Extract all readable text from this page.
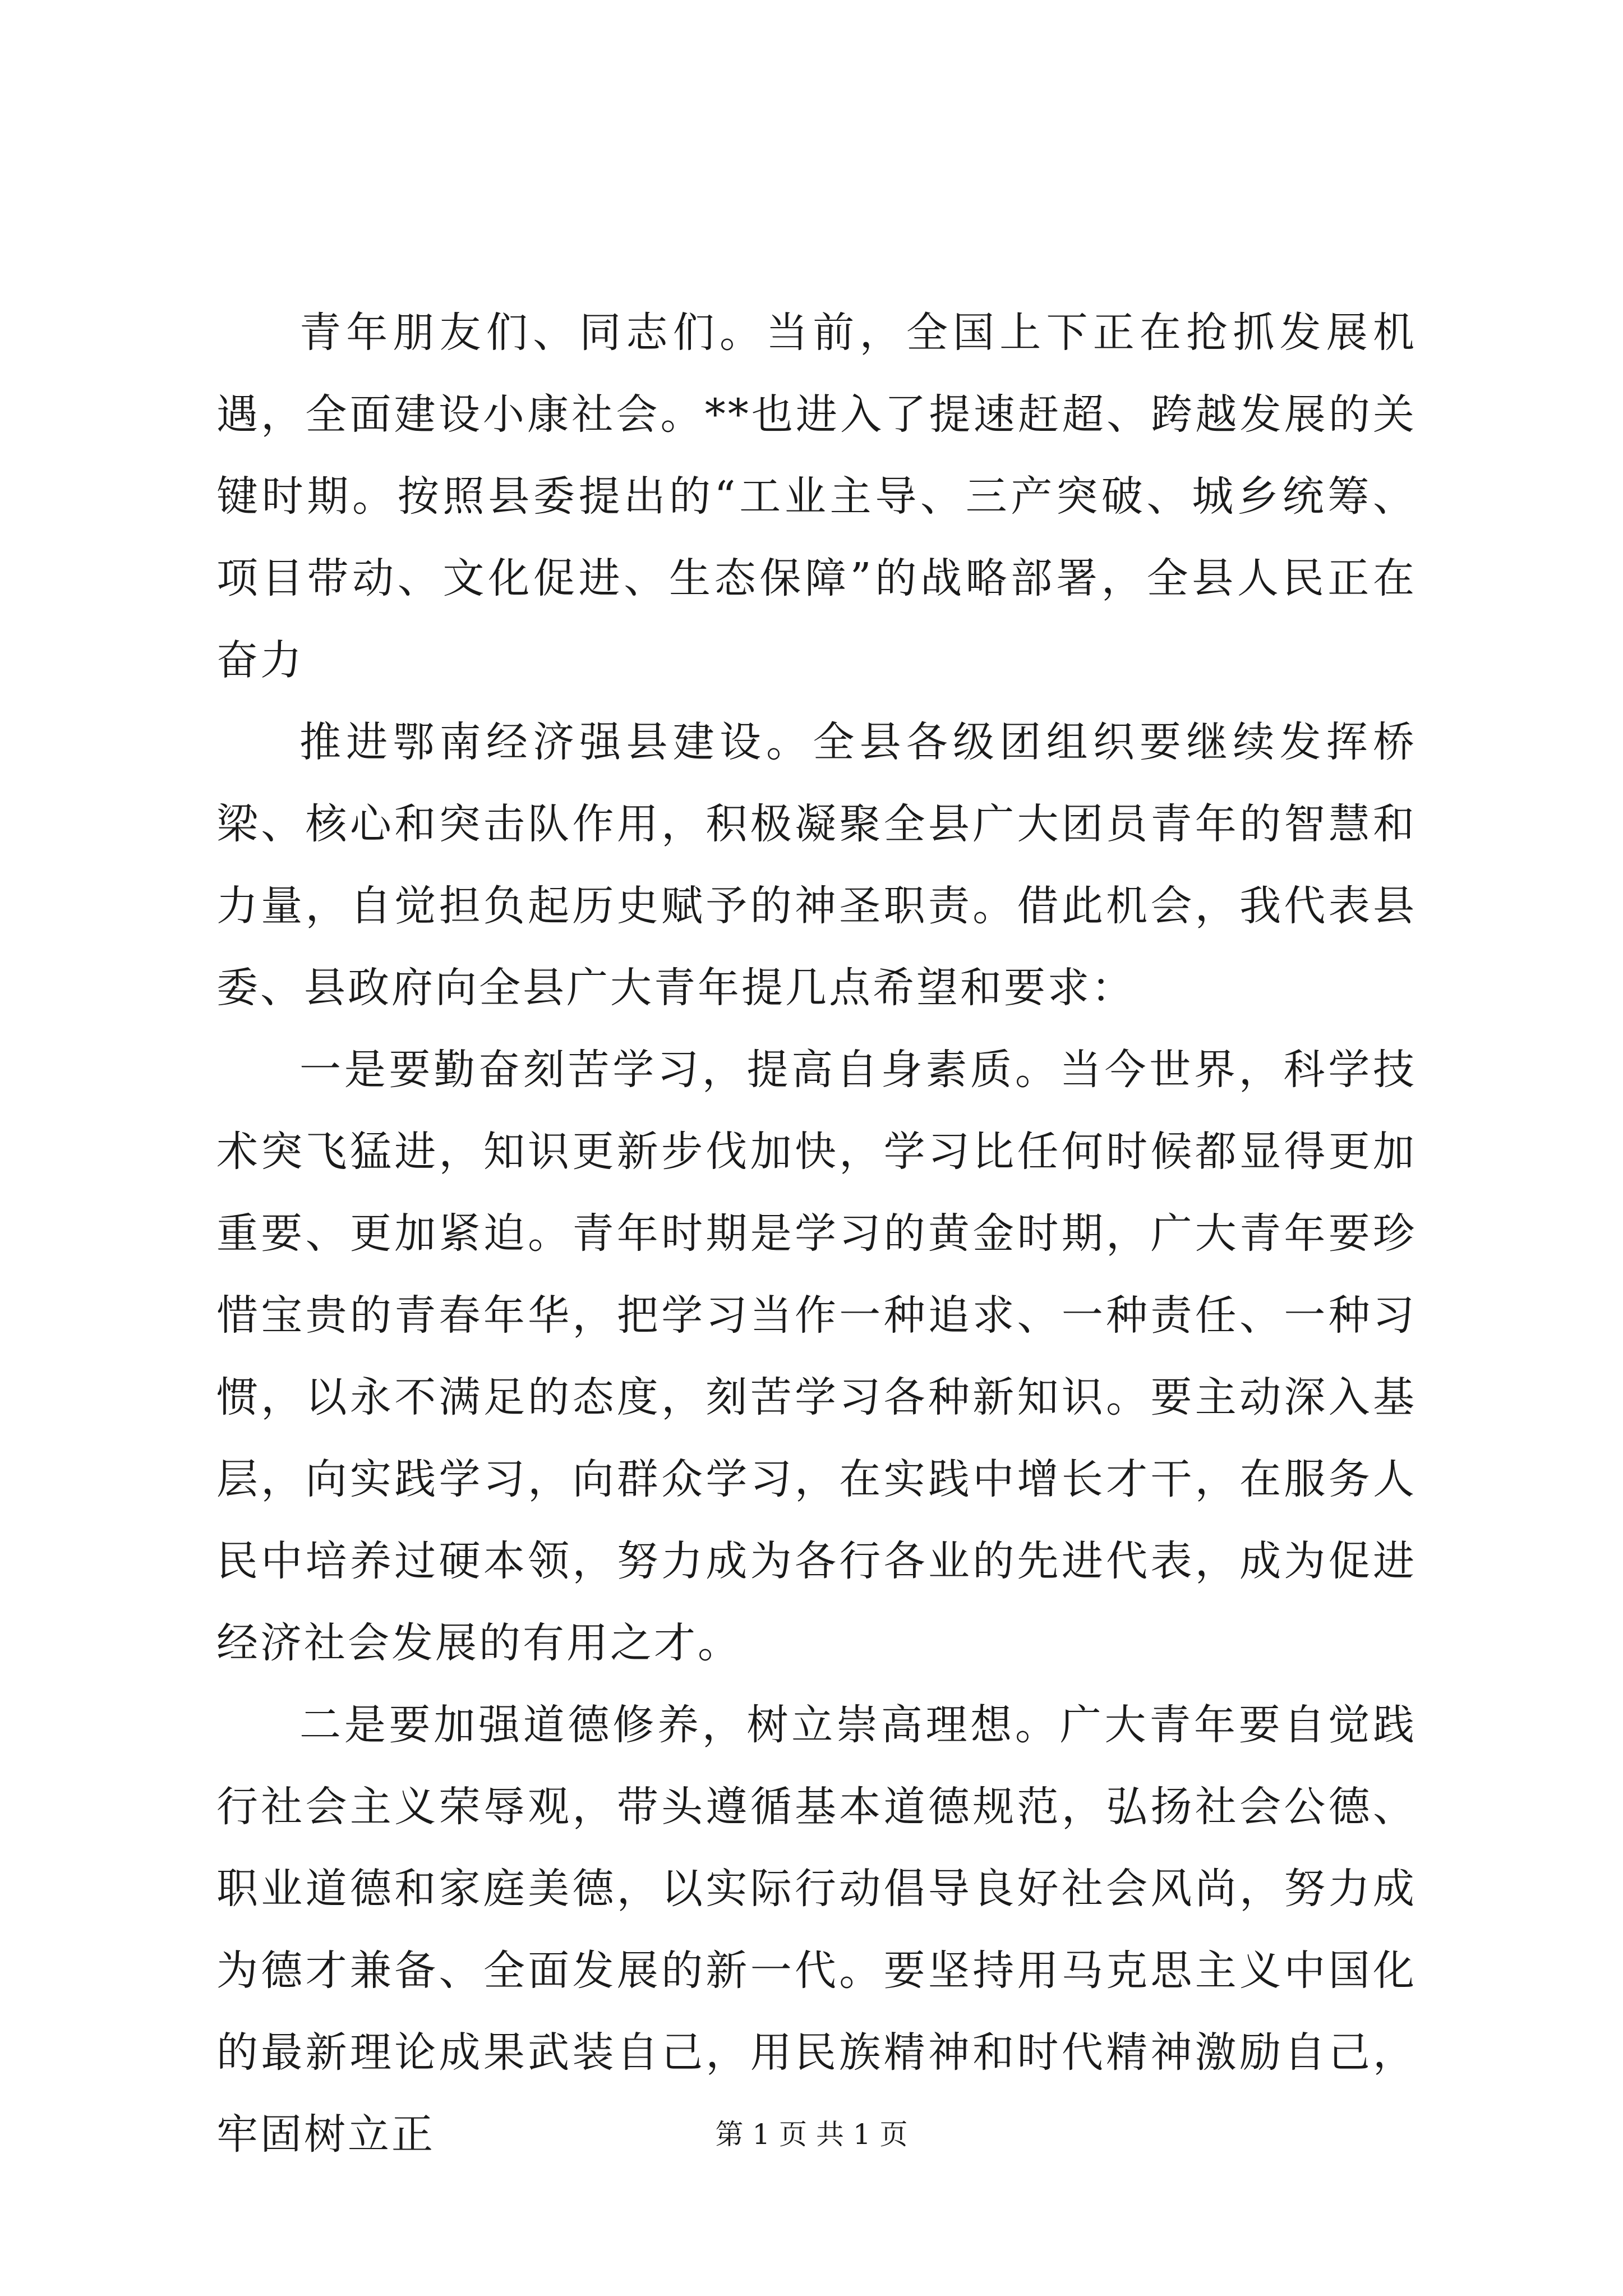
青年朋友们、同志们。当前，全国上下正在抢抓发展机遇，全面建设小康社会。**也进入了提速赶超、跨越发展的关键时期。按照县委提出的“工业主导、三产突破、城乡统筹、项目带动、文化促进、生态保障”的战略部署，全县人民正在奋力

推进鄂南经济强县建设。全县各级团组织要继续发挥桥梁、核心和突击队作用，积极凝聚全县广大团员青年的智慧和力量，自觉担负起历史赋予的神圣职责。借此机会，我代表县委、县政府向全县广大青年提几点希望和要求：

一是要勤奋刻苦学习，提高自身素质。当今世界，科学技术突飞猛进，知识更新步伐加快，学习比任何时候都显得更加重要、更加紧迫。青年时期是学习的黄金时期，广大青年要珍惜宝贵的青春年华，把学习当作一种追求、一种责任、一种习惯，以永不满足的态度，刻苦学习各种新知识。要主动深入基层，向实践学习，向群众学习，在实践中增长才干，在服务人民中培养过硬本领，努力成为各行各业的先进代表，成为促进经济社会发展的有用之才。

二是要加强道德修养，树立崇高理想。广大青年要自觉践行社会主义荣辱观，带头遵循基本道德规范，弘扬社会公德、职业道德和家庭美德，以实际行动倡导良好社会风尚，努力成为德才兼备、全面发展的新一代。要坚持用马克思主义中国化的最新理论成果武装自己，用民族精神和时代精神激励自己，牢固树立正	第 1 页 共 1 页
